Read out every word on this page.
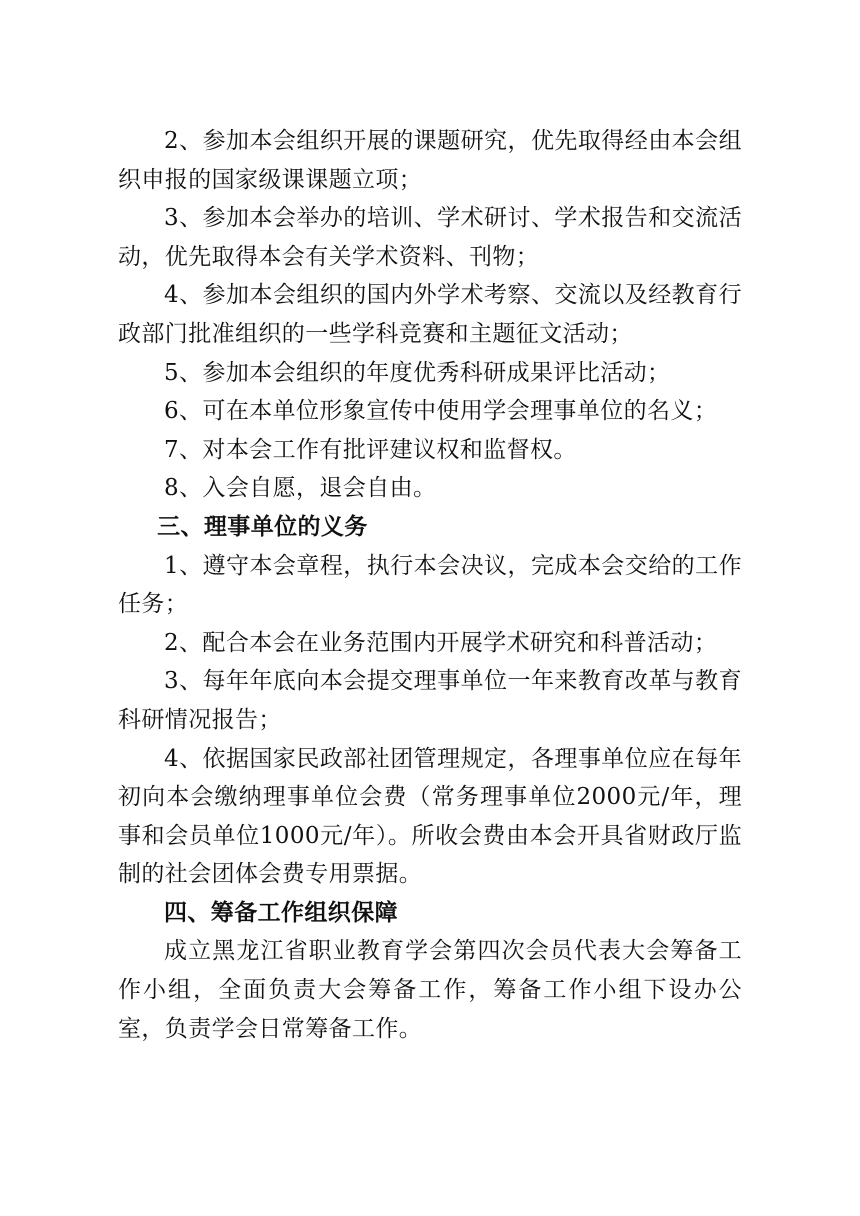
2、参加本会组织开展的课题研究，优先取得经由本会组织申报的国家级课课题立项；

3、参加本会举办的培训、学术研讨、学术报告和交流活动，优先取得本会有关学术资料、刊物；

4、参加本会组织的国内外学术考察、交流以及经教育行政部门批准组织的一些学科竞赛和主题征文活动；

5、参加本会组织的年度优秀科研成果评比活动；

6、可在本单位形象宣传中使用学会理事单位的名义；

7、对本会工作有批评建议权和监督权。

8、入会自愿，退会自由。

三、理事单位的义务

1、遵守本会章程，执行本会决议，完成本会交给的工作任务；

2、配合本会在业务范围内开展学术研究和科普活动；

3、每年年底向本会提交理事单位一年来教育改革与教育科研情况报告；

4、依据国家民政部社团管理规定，各理事单位应在每年初向本会缴纳理事单位会费（常务理事单位2000元/年，理事和会员单位1000元/年）。所收会费由本会开具省财政厅监制的社会团体会费专用票据。

四、筹备工作组织保障

成立黑龙江省职业教育学会第四次会员代表大会筹备工作小组，全面负责大会筹备工作，筹备工作小组下设办公室，负责学会日常筹备工作。
